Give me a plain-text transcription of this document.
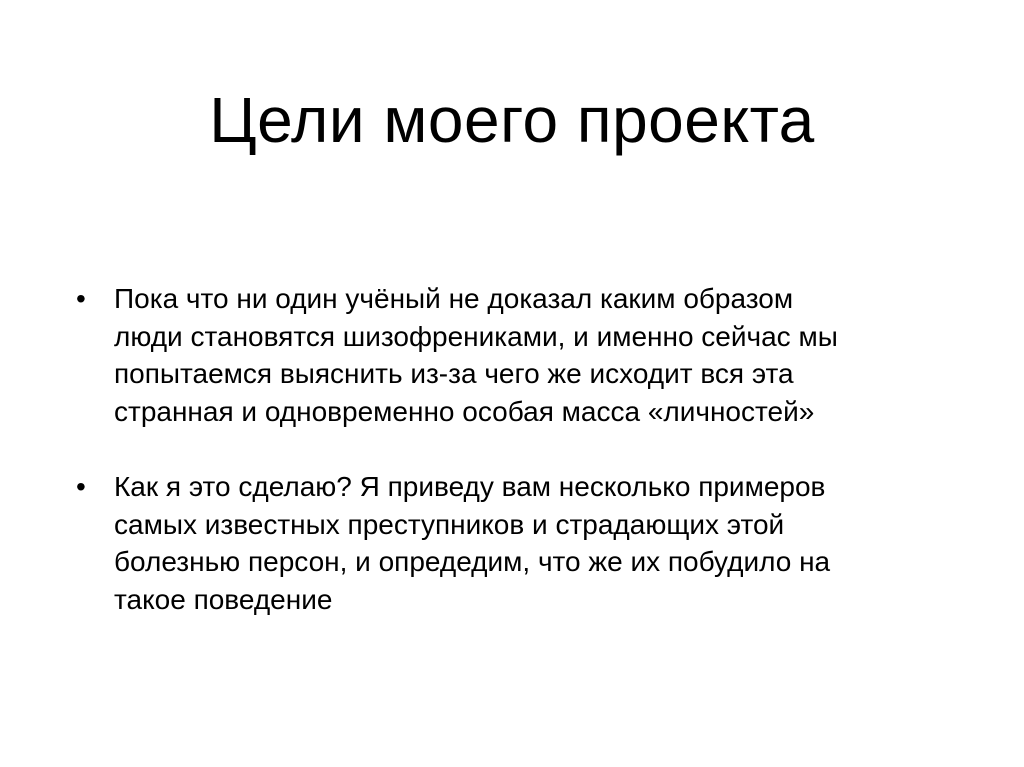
Цели моего проекта
• Пока что ни один учёный не доказал каким образом
люди становятся шизофрениками, и именно сейчас мы
попытаемся выяснить из-за чего же исходит вся эта
странная и одновременно особая масса «личностей»
• Как я это сделаю? Я приведу вам несколько примеров
самых известных преступников и страдающих этой
болезнью персон, и опредедим, что же их побудило на
такое поведение
